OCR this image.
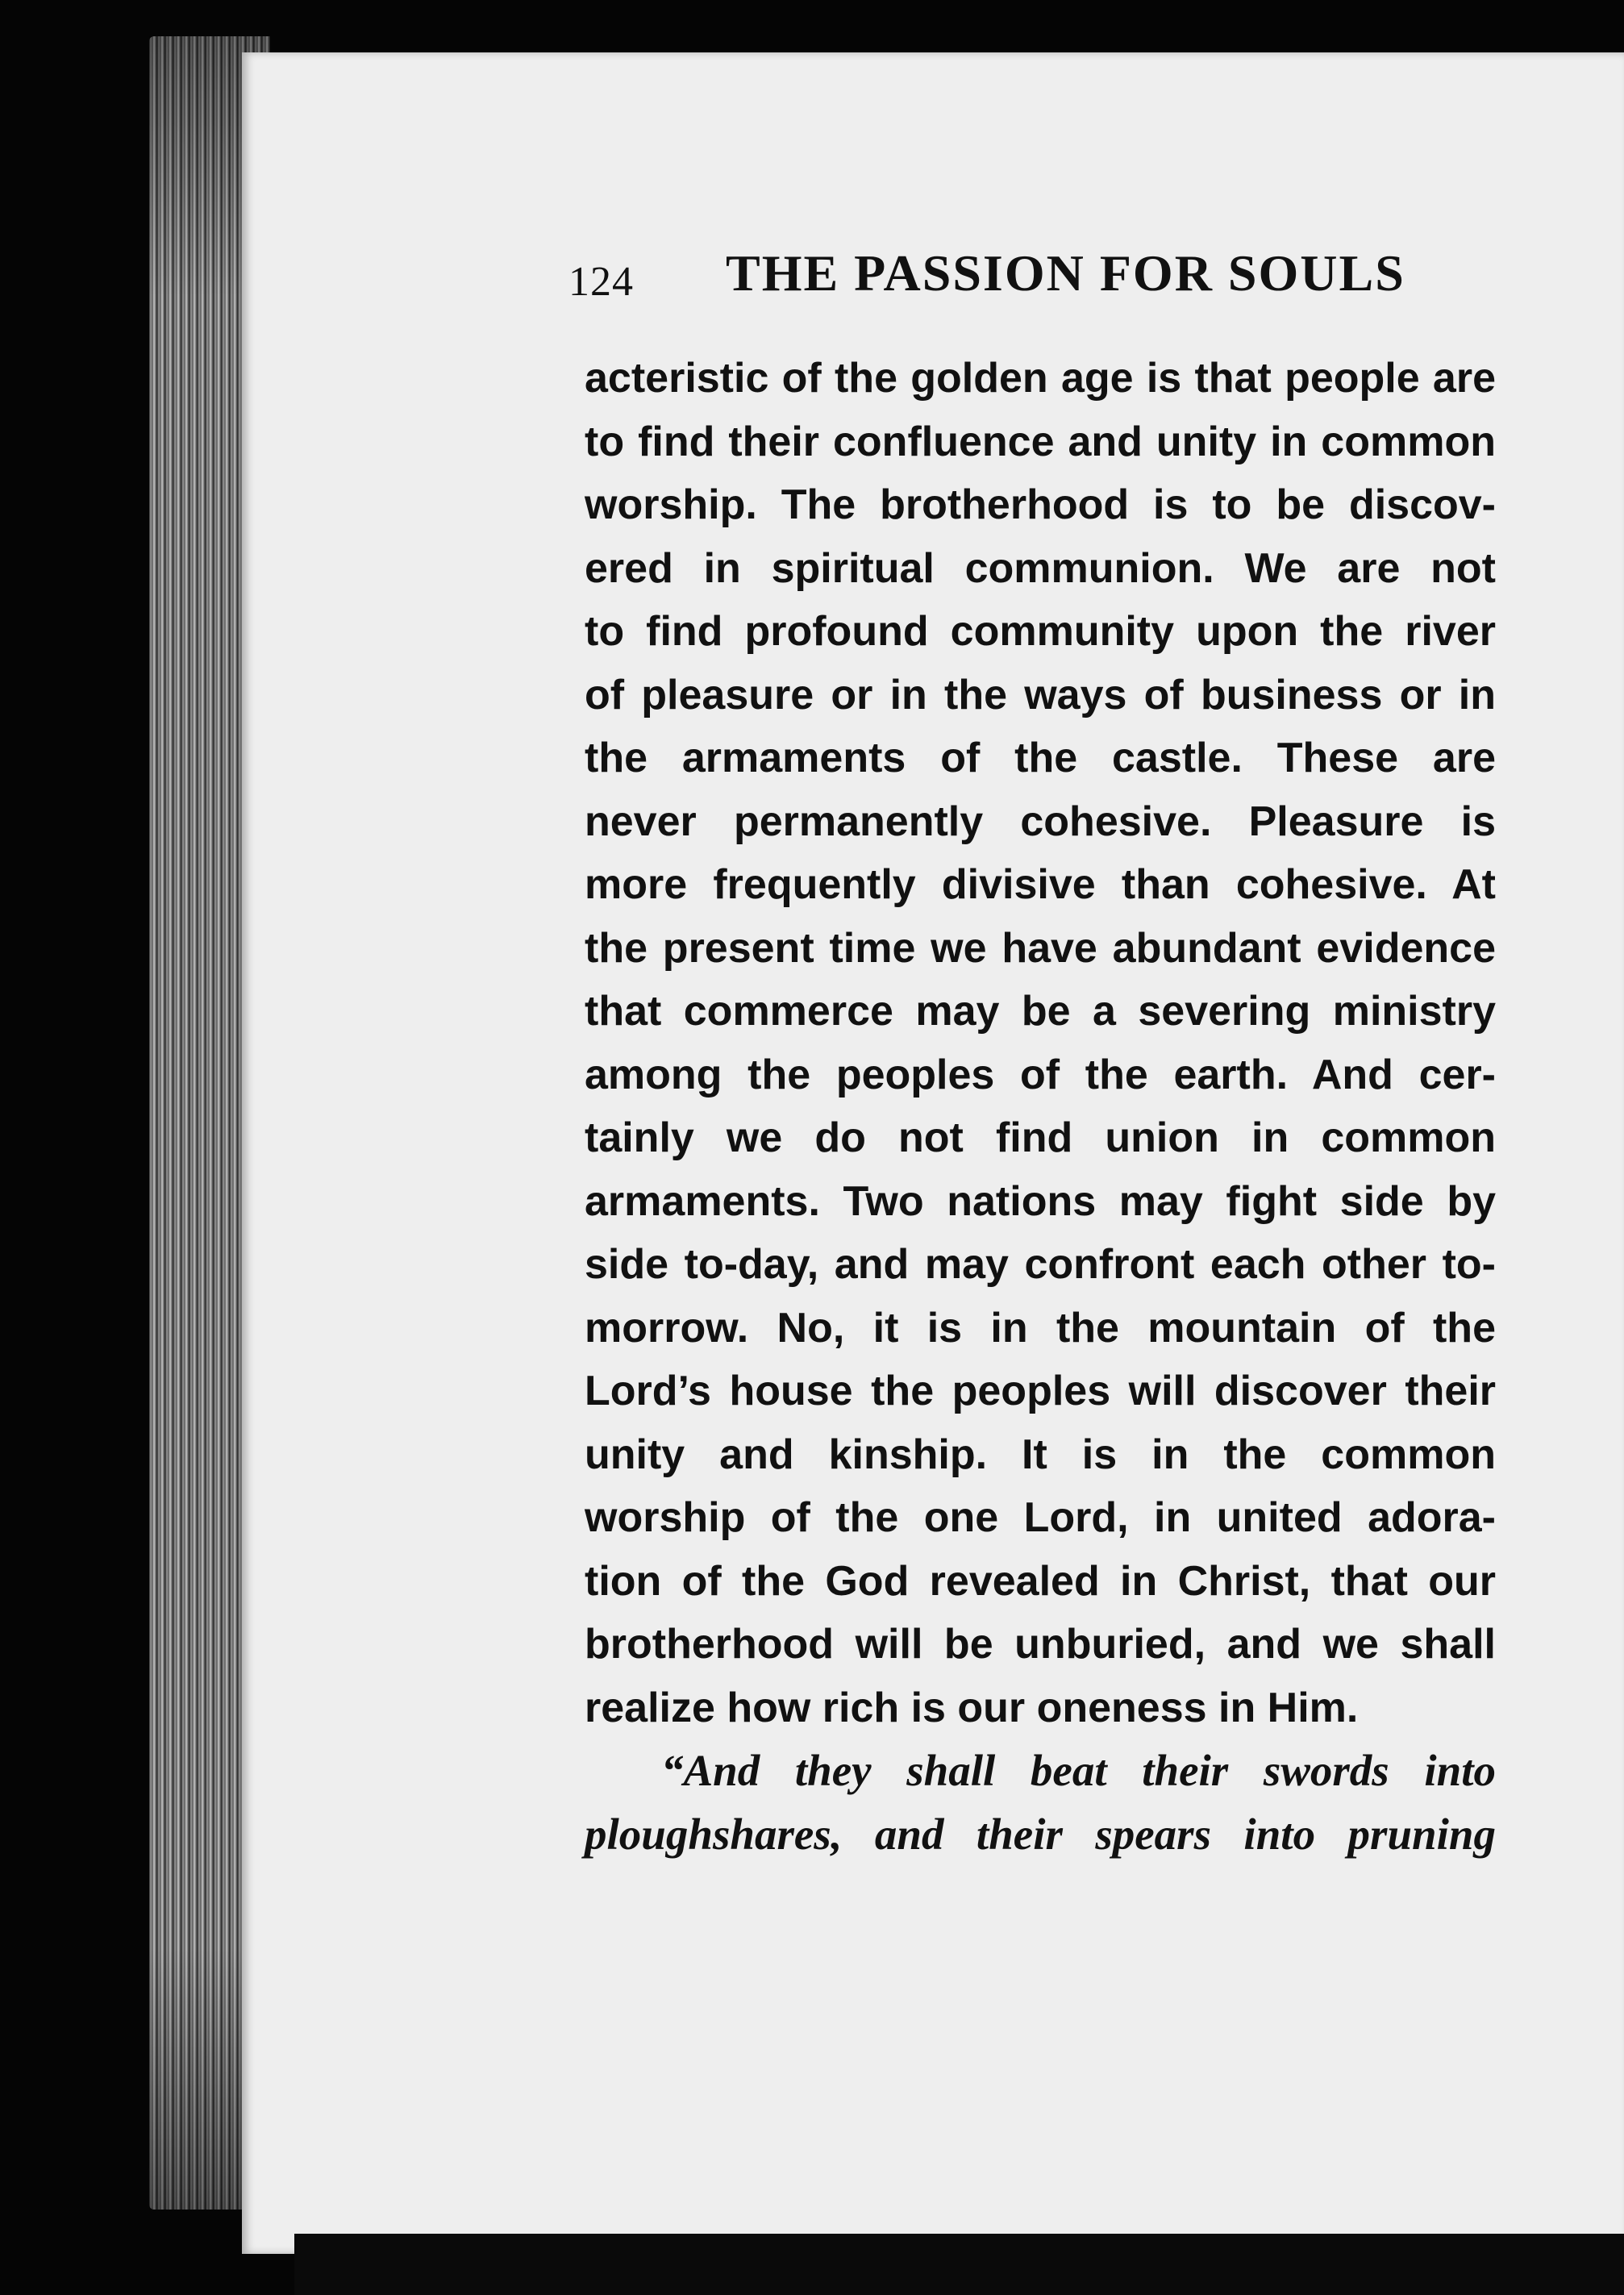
124 THE PASSION FOR SOULS
acteristic of the golden age is that people are
to find their confluence and unity in common
worship. The brotherhood is to be discov-
ered in spiritual communion. We are not
to find profound community upon the river
of pleasure or in the ways of business or in
the armaments of the castle. These are
never permanently cohesive. Pleasure is
more frequently divisive than cohesive. At
the present time we have abundant evidence
that commerce may be a severing ministry
among the peoples of the earth. And cer-
tainly we do not find union in common
armaments. Two nations may fight side by
side to-day, and may confront each other to-
morrow. No, it is in the mountain of the
Lord’s house the peoples will discover their
unity and kinship. It is in the common
worship of the one Lord, in united adora-
tion of the God revealed in Christ, that our
brotherhood will be unburied, and we shall
realize how rich is our oneness in Him.
“And they shall beat their swords into
ploughshares, and their spears into pruning
